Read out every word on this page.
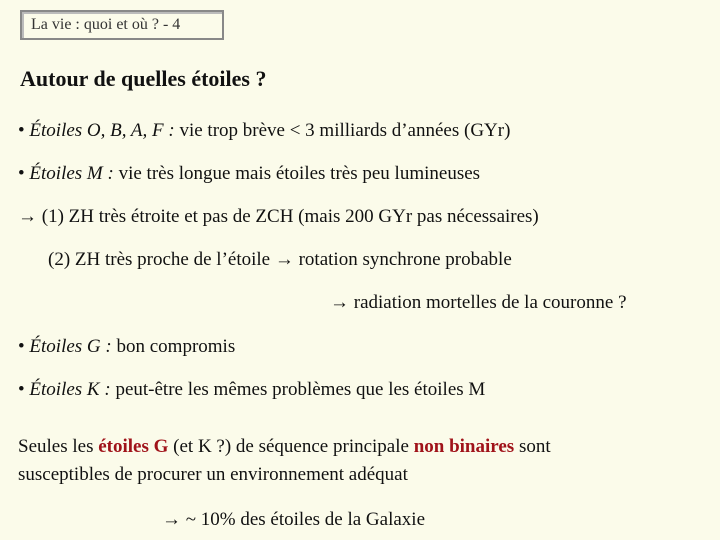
La vie : quoi et où ? - 4
Autour de quelles étoiles ?
• Étoiles O, B, A, F : vie trop brève < 3 milliards d’années (GYr)
• Étoiles M : vie très longue mais étoiles très peu lumineuses
→ (1) ZH très étroite et pas de ZCH (mais 200 GYr pas nécessaires)
(2) ZH très proche de l’étoile → rotation synchrone probable
→ radiation mortelles de la couronne ?
• Étoiles G : bon compromis
• Étoiles K : peut-être les mêmes problèmes que les étoiles M
Seules les étoiles G (et K ?) de séquence principale non binaires sont
susceptibles de procurer un environnement adéquat
→ ~ 10% des étoiles de la Galaxie
